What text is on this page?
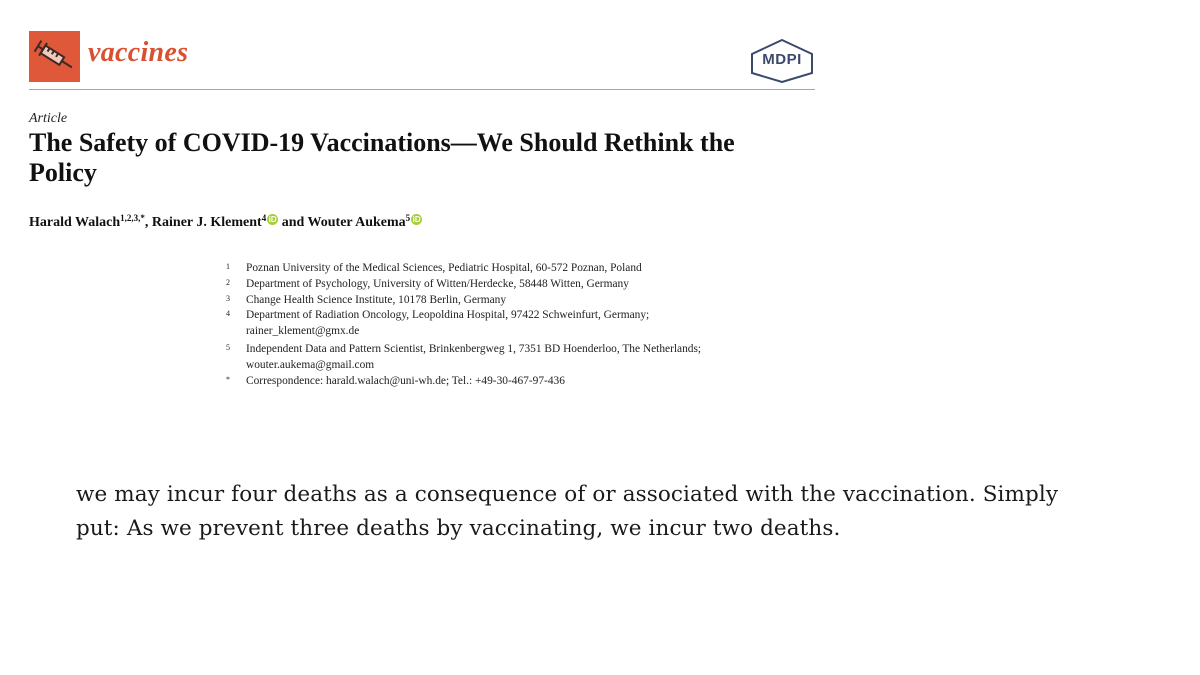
vaccines	MDPI
Article
The Safety of COVID-19 Vaccinations—We Should Rethink the Policy
Harald Walach$^{1,2,3,*}$, Rainer J. Klement$^4$ iD and Wouter Aukema$^5$ iD
1 Poznan University of the Medical Sciences, Pediatric Hospital, 60-572 Poznan, Poland
2 Department of Psychology, University of Witten/Herdecke, 58448 Witten, Germany
3 Change Health Science Institute, 10178 Berlin, Germany
4 Department of Radiation Oncology, Leopoldina Hospital, 97422 Schweinfurt, Germany;
rainer_klement@gmx.de
5 Independent Data and Pattern Scientist, Brinkenbergweg 1, 7351 BD Hoenderloo, The Netherlands;
wouter.aukema@gmail.com
* Correspondence: harald.walach@uni-wh.de; Tel.: +49-30-467-97-436
we may incur four deaths as a consequence of or associated with the vaccination. Simply
put: As we prevent three deaths by vaccinating, we incur two deaths.
